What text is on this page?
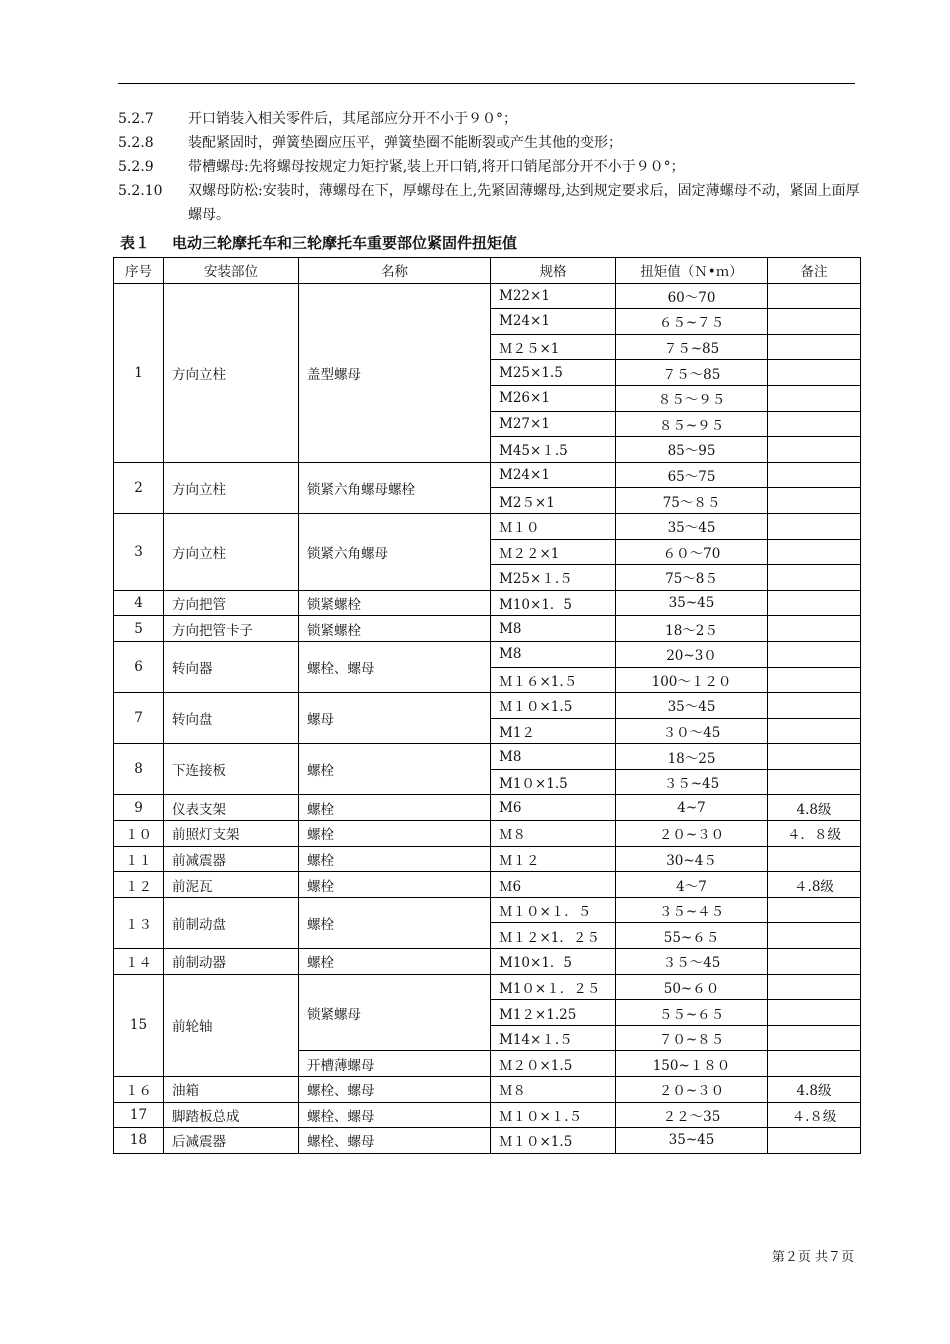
5.2.7	开口销装入相关零件后，其尾部应分开不小于９０°；
5.2.8	装配紧固时，弹簧垫圈应压平，弹簧垫圈不能断裂或产生其他的变形；
5.2.9	带槽螺母:先将螺母按规定力矩拧紧,装上开口销,将开口销尾部分开不小于９０°；
5.2.10	双螺母防松:安装时，薄螺母在下，厚螺母在上,先紧固薄螺母,达到规定要求后，固定薄螺母不动，紧固上面厚螺母。
表１ 电动三轮摩托车和三轮摩托车重要部位紧固件扭矩值
序号	安装部位	名称	规格	扭矩值（Ｎ•ｍ）	备注
1	方向立柱	盖型螺母	M22×1	60～70	
			M24×1	６５~７５	
			Ｍ２５×1	７５~85	
			M25×1.5	７５～85	
			M26×1	８５～９５	
			M27×1	８５~９５	
			M45×１.5	85～95	
2	方向立柱	锁紧六角螺母螺栓	M24×1	65～75	
			M2５×1	75～８５	
3	方向立柱	锁紧六角螺母	Ｍ１０	35～45	
			Ｍ２２×1	６０～70	
			M25×１.５	75～8５	
4	方向把管	锁紧螺栓	M10×1．5	35~45	
5	方向把管卡子	锁紧螺栓	M8	18～2５	
6	转向器	螺栓、螺母	M8	20~3０	
			Ｍ１６×1.５	100～１２０	
7	转向盘	螺母	Ｍ１０×1.5	35～45	
			M1２	３０～45	
8	下连接板	螺栓	M8	18～25	
			M1０×1.5	３５~45	
9	仪表支架	螺栓	M6	4~7	4.8级
１０	前照灯支架	螺栓	Ｍ８	２０~３０	４．８级
１１	前减震器	螺栓	Ｍ１２	30~4５	
１２	前泥瓦	螺栓	Ｍ6	4～7	４.8级
１３	前制动盘	螺栓	Ｍ１０×１．５	３５~４５	
			Ｍ１２×1．２５	55~６５	
１４	前制动器	螺栓	M10×1．5	３５～45	
15	前轮轴	锁紧螺母	M1０×１．２５	50~６０	
			M1２×1.25	５５~６５	
			M14×１.５	７０~８５	
		开槽薄螺母	Ｍ２０×1.5	150~１８０	
１６	油箱	螺栓、螺母	Ｍ８	２０~３０	4.8级
17	脚踏板总成	螺栓、螺母	Ｍ１０×１.５	２２～35	４.８级
18	后减震器	螺栓、螺母	Ｍ１０×1.5	35~45	
第２页 共７页
